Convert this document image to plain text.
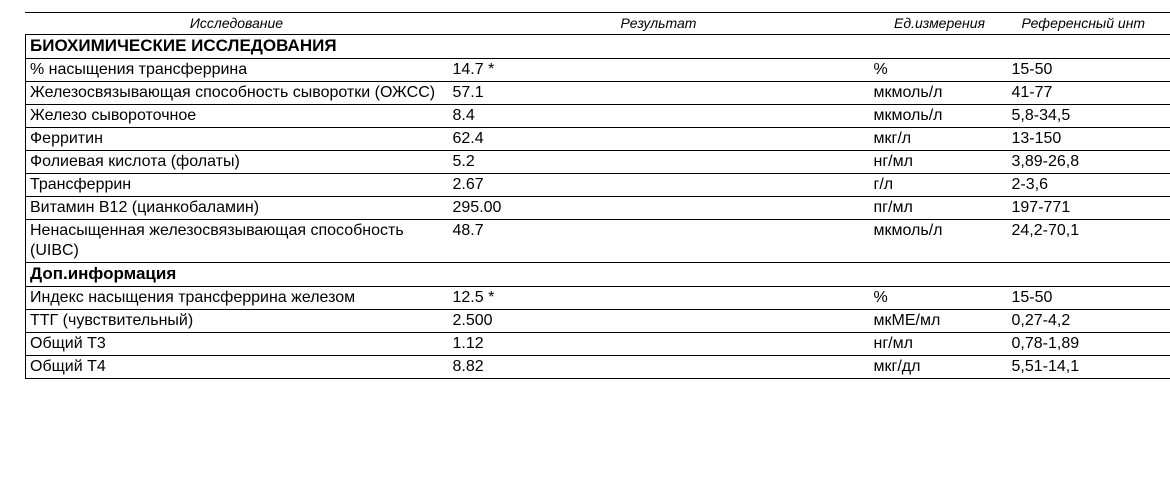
Исследование	Результат	Ед.измерения	Референсный инт
БИОХИМИЧЕСКИЕ ИССЛЕДОВАНИЯ			
% насыщения трансферрина	14.7 *	%	15-50
Железосвязывающая способность сыворотки (ОЖСС)	57.1	мкмоль/л	41-77
Железо сывороточное	8.4	мкмоль/л	5,8-34,5
Ферритин	62.4	мкг/л	13-150
Фолиевая кислота (фолаты)	5.2	нг/мл	3,89-26,8
Трансферрин	2.67	г/л	2-3,6
Витамин В12 (цианкобаламин)	295.00	пг/мл	197-771
Ненасыщенная железосвязывающая способность (UIBC)	48.7	мкмоль/л	24,2-70,1
Доп.информация			
Индекс насыщения трансферрина железом	12.5 *	%	15-50
ТТГ (чувствительный)	2.500	мкМЕ/мл	0,27-4,2
Общий Т3	1.12	нг/мл	0,78-1,89
Общий Т4	8.82	мкг/дл	5,51-14,1
